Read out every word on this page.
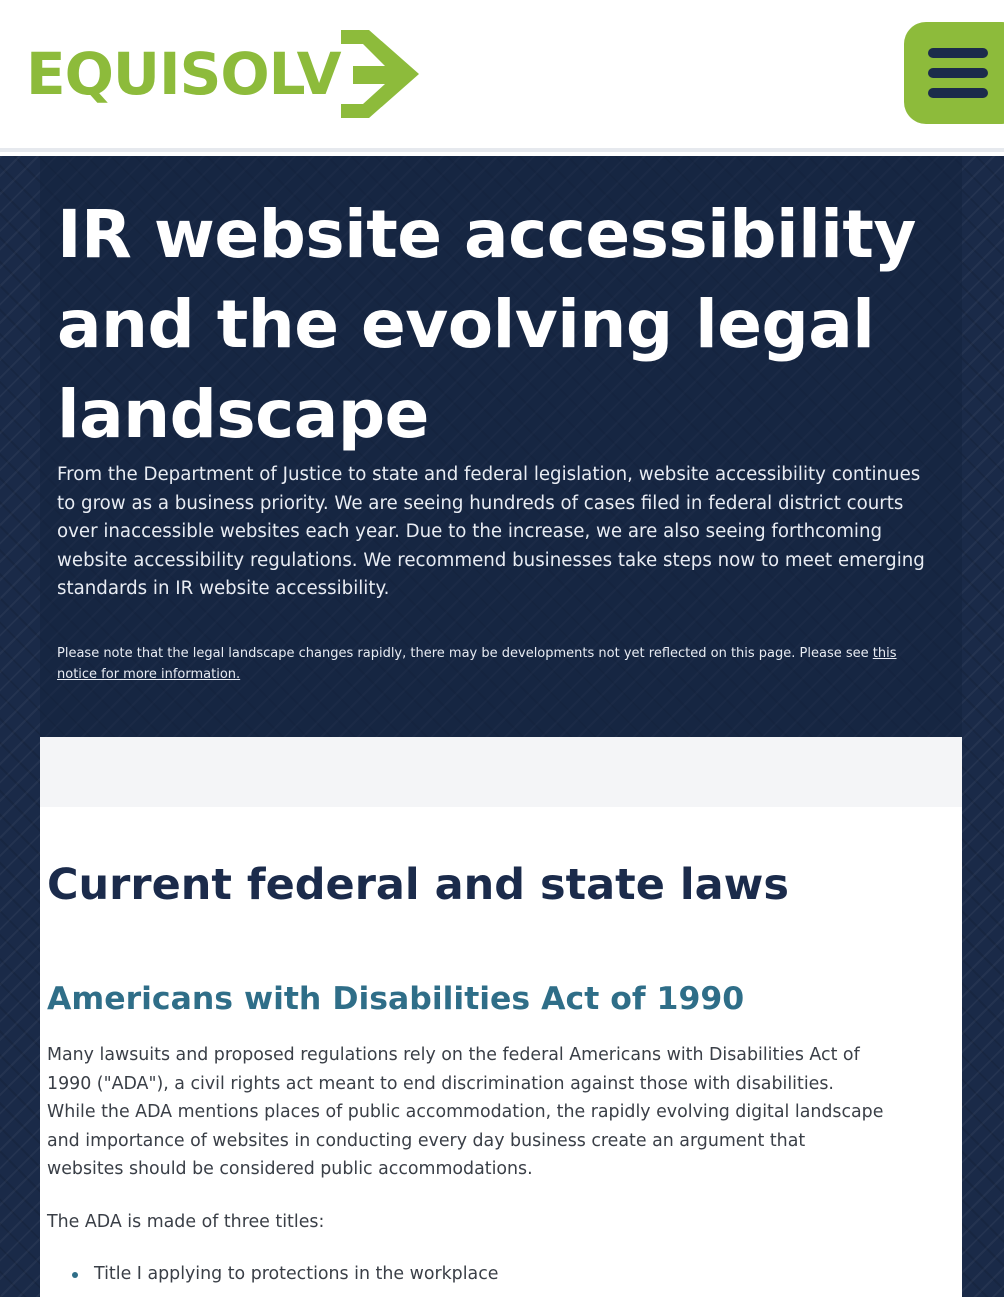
EQUISOLV
IR website accessibility and the evolving legal landscape

From the Department of Justice to state and federal legislation, website accessibility continues to grow as a business priority. We are seeing hundreds of cases filed in federal district courts over inaccessible websites each year. Due to the increase, we are also seeing forthcoming website accessibility regulations. We recommend businesses take steps now to meet emerging standards in IR website accessibility.

Please note that the legal landscape changes rapidly, there may be developments not yet reflected on this page. Please see this notice for more information.

Current federal and state laws
Americans with Disabilities Act of 1990

Many lawsuits and proposed regulations rely on the federal Americans with Disabilities Act of 1990 ("ADA"), a civil rights act meant to end discrimination against those with disabilities. While the ADA mentions places of public accommodation, the rapidly evolving digital landscape and importance of websites in conducting every day business create an argument that websites should be considered public accommodations.

The ADA is made of three titles:

Title I applying to protections in the workplace
